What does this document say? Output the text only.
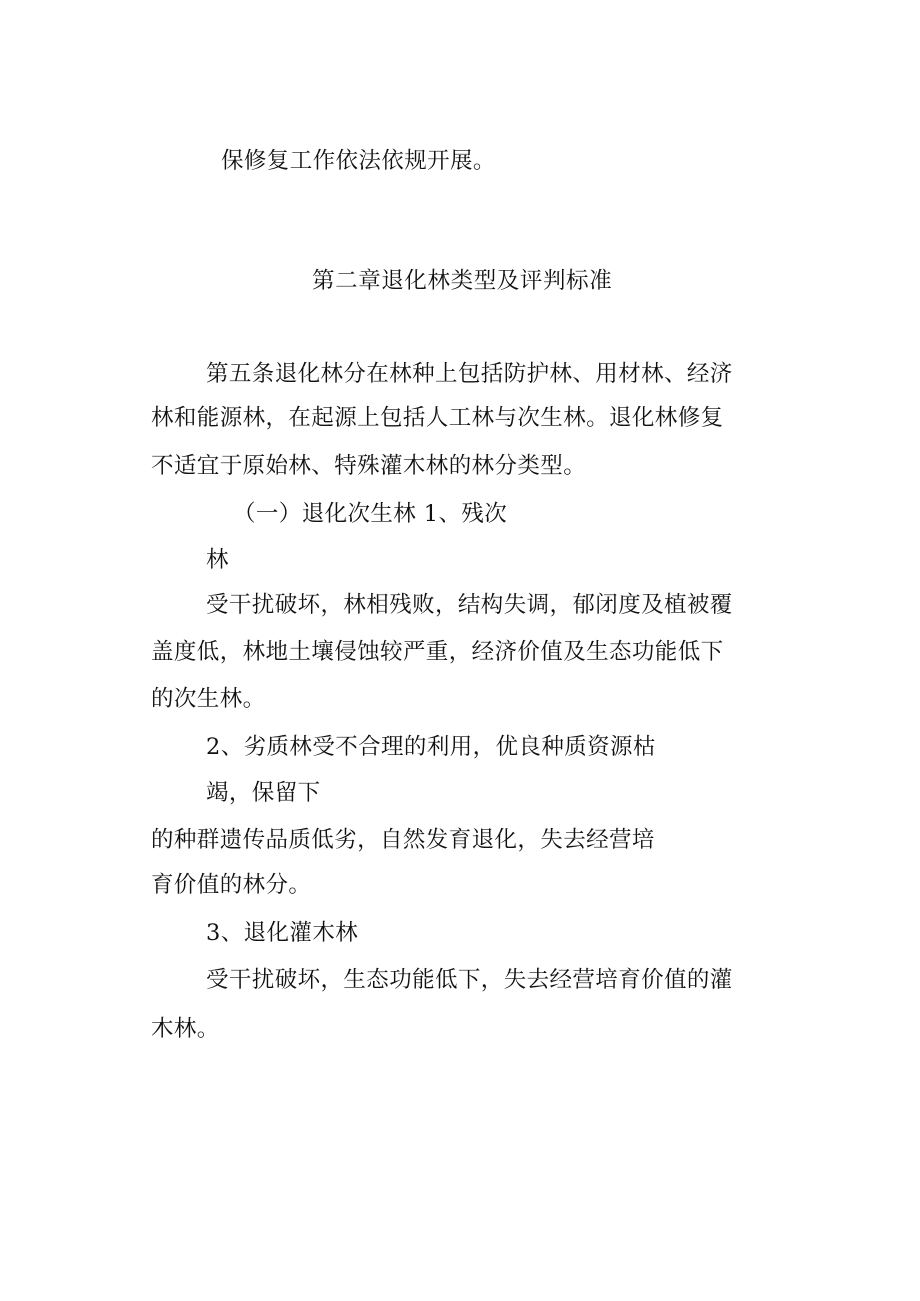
保修复工作依法依规开展。
第二章退化林类型及评判标准
第五条退化林分在林种上包括防护林、用材林、经济
林和能源林，在起源上包括人工林与次生林。退化林修复
不适宜于原始林、特殊灌木林的林分类型。
（一）退化次生林 1、残次
林
受干扰破坏，林相残败，结构失调，郁闭度及植被覆
盖度低，林地土壤侵蚀较严重，经济价值及生态功能低下
的次生林。
2、劣质林受不合理的利用，优良种质资源枯
竭，保留下
的种群遗传品质低劣，自然发育退化，失去经营培
育价值的林分。
3、退化灌木林
受干扰破坏，生态功能低下，失去经营培育价值的灌
木林。
